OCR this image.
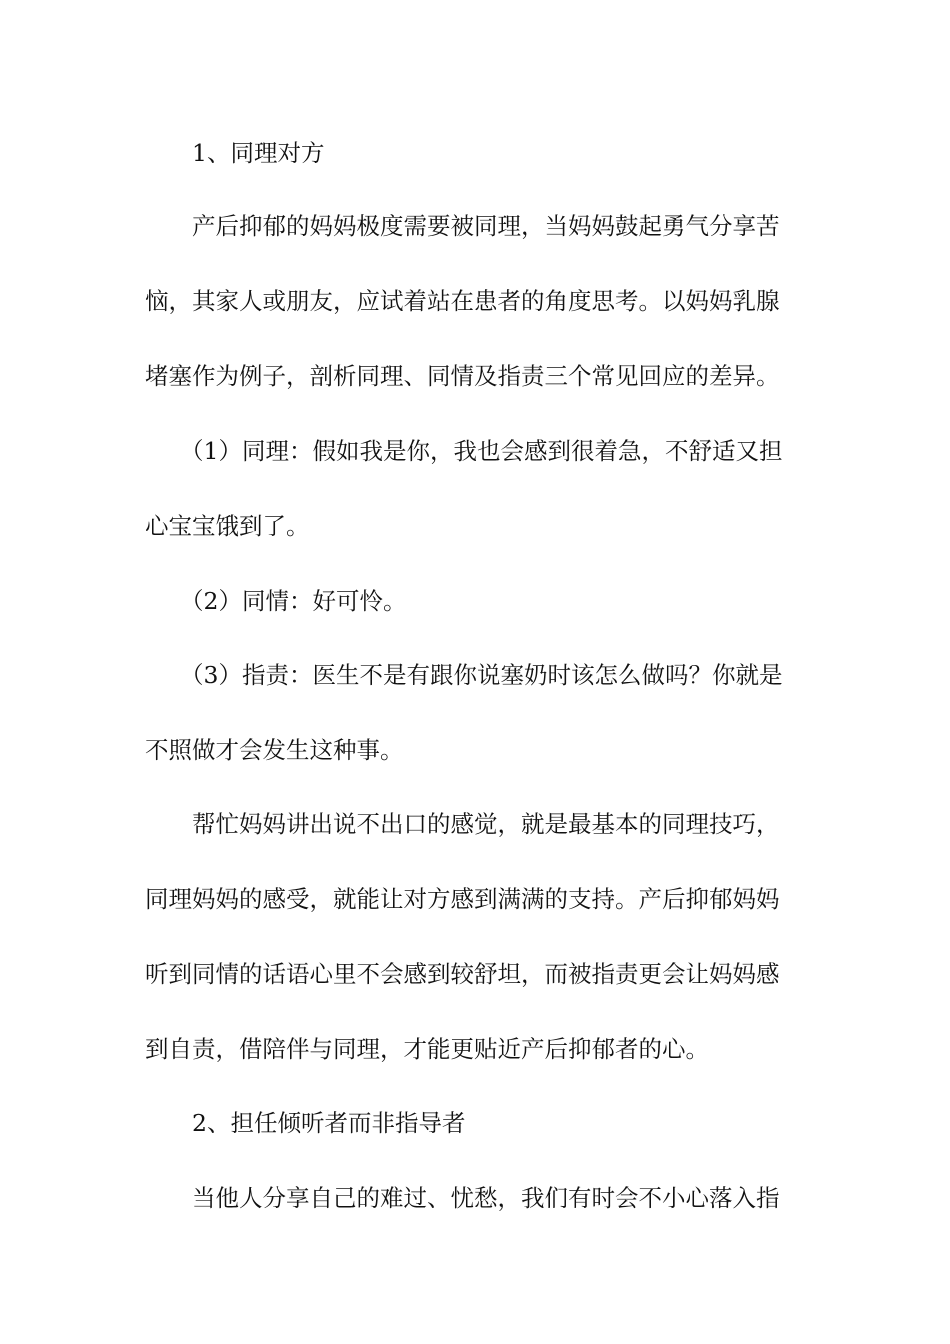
1、同理对方

产后抑郁的妈妈极度需要被同理，当妈妈鼓起勇气分享苦

恼，其家人或朋友，应试着站在患者的角度思考。以妈妈乳腺

堵塞作为例子，剖析同理、同情及指责三个常见回应的差异。

（1）同理：假如我是你，我也会感到很着急，不舒适又担

心宝宝饿到了。

（2）同情：好可怜。

（3）指责：医生不是有跟你说塞奶时该怎么做吗？你就是

不照做才会发生这种事。

帮忙妈妈讲出说不出口的感觉，就是最基本的同理技巧，

同理妈妈的感受，就能让对方感到满满的支持。产后抑郁妈妈

听到同情的话语心里不会感到较舒坦，而被指责更会让妈妈感

到自责，借陪伴与同理，才能更贴近产后抑郁者的心。

2、担任倾听者而非指导者

当他人分享自己的难过、忧愁，我们有时会不小心落入指
